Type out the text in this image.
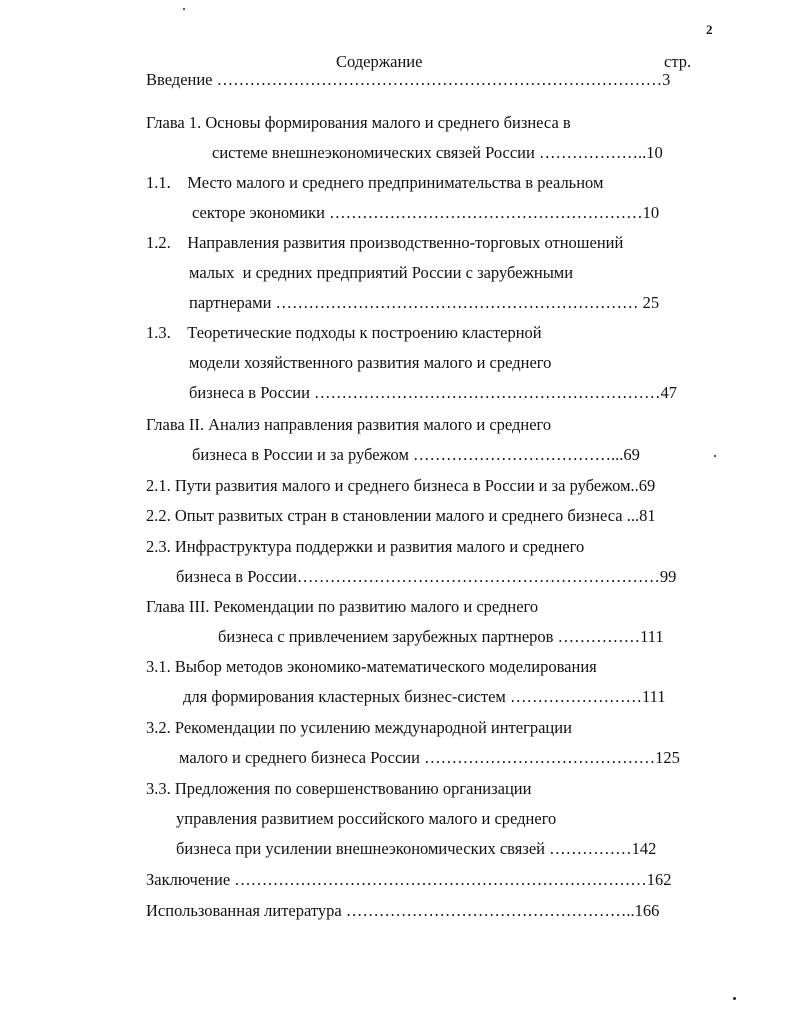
2
Содержание	стр.
Введение ………………………………………………………………………3
Глава 1. Основы формирования малого и среднего бизнеса в
системе внешнеэкономических связей России ………………..10
1.1.    Место малого и среднего предпринимательства в реальном
секторе экономики …………………………………………………10
1.2.    Направления развития производственно-торговых отношений
малых  и средних предприятий России с зарубежными
партнерами ………………………………………………………… 25
1.3.    Теоретические подходы к построению кластерной
модели хозяйственного развития малого и среднего
бизнеса в России ………………………………………………………47
Глава II. Анализ направления развития малого и среднего
бизнеса в России и за рубежом ………………………………...69
2.1. Пути развития малого и среднего бизнеса в России и за рубежом..69
2.2. Опыт развитых стран в становлении малого и среднего бизнеса ...81
2.3. Инфраструктура поддержки и развития малого и среднего
бизнеса в России…………………………………………………………99
Глава III. Рекомендации по развитию малого и среднего
бизнеса с привлечением зарубежных партнеров ……………111
3.1. Выбор методов экономико-математического моделирования
для формирования кластерных бизнес-систем ……………………111
3.2. Рекомендации по усилению международной интеграции
малого и среднего бизнеса России ……………………………………125
3.3. Предложения по совершенствованию организации
управления развитием российского малого и среднего
бизнеса при усилении внешнеэкономических связей ……………142
Заключение …………………………………………………………………162
Использованная литература ……………………………………………..166
